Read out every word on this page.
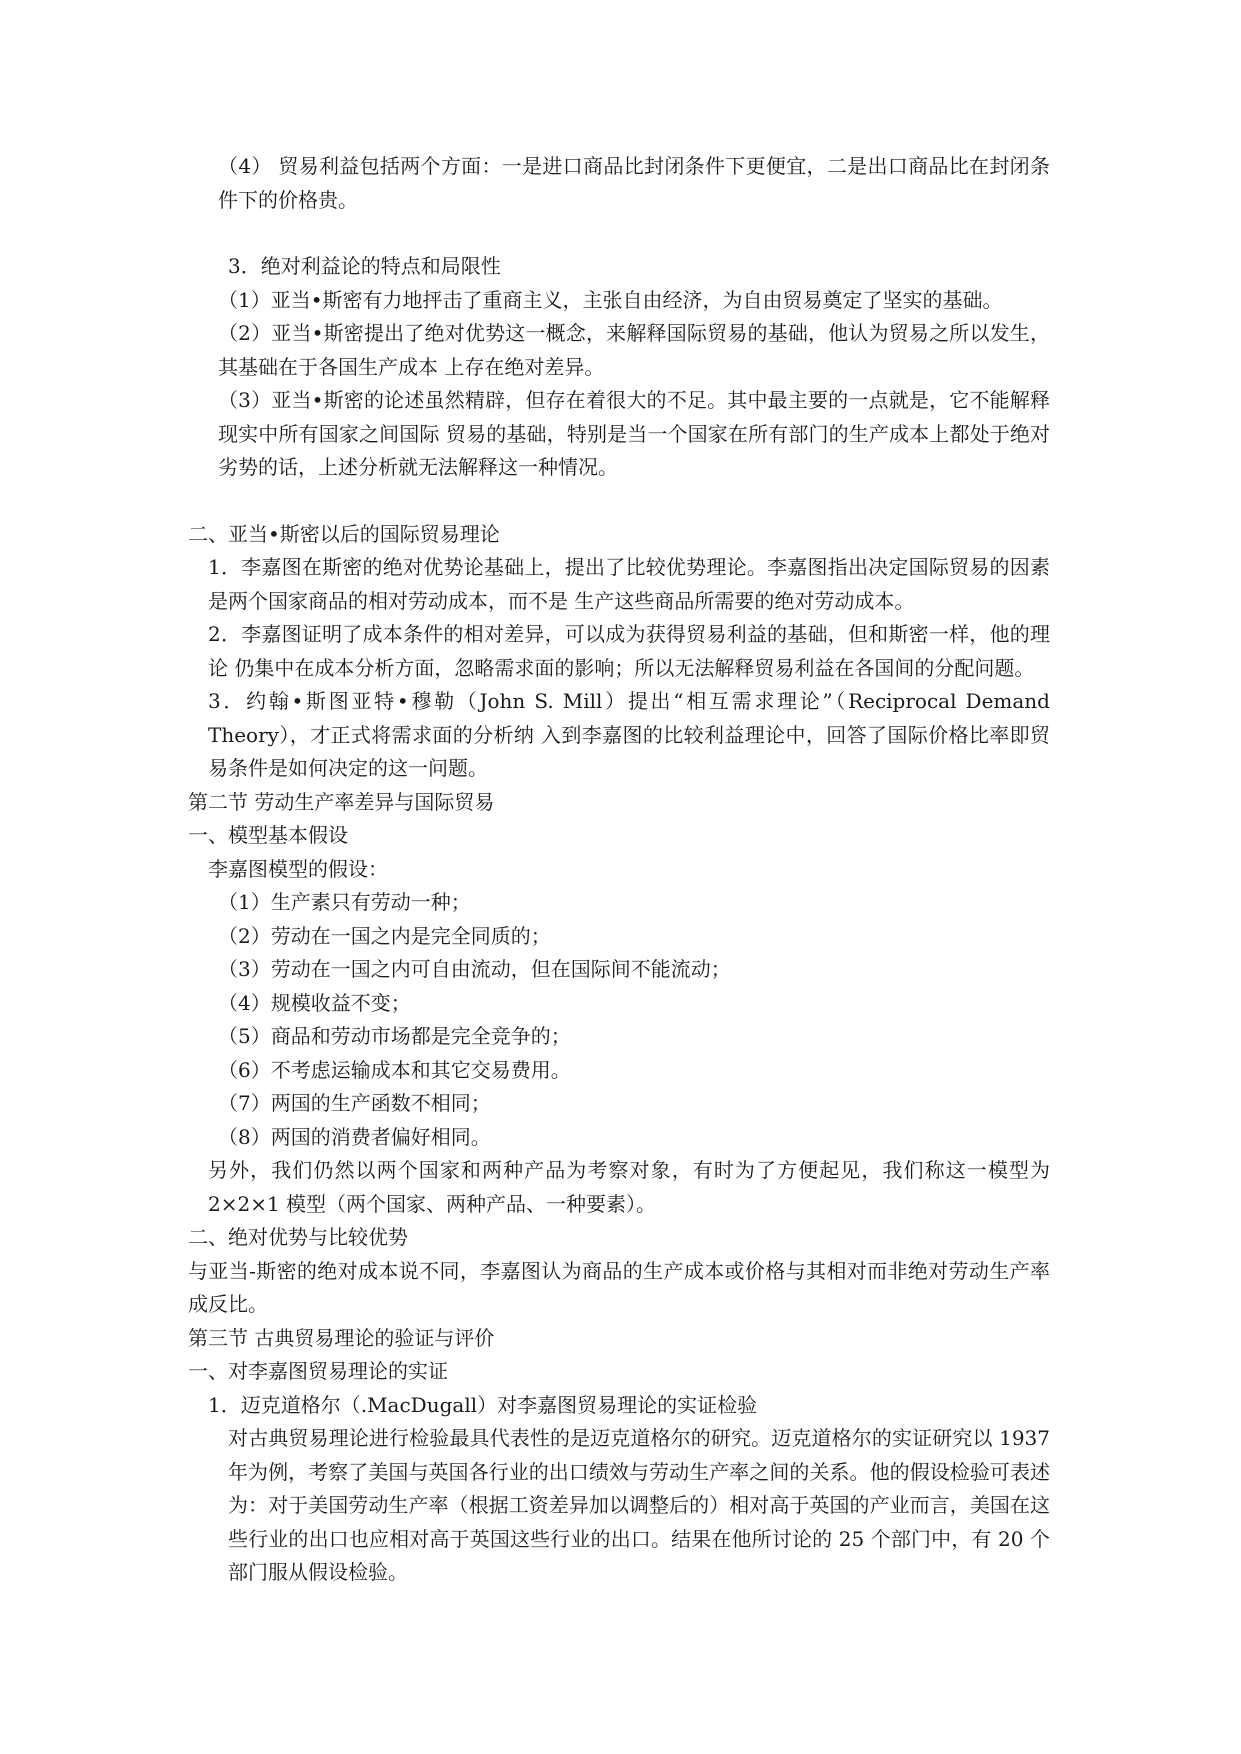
（4） 贸易利益包括两个方面：一是进口商品比封闭条件下更便宜，二是出口商品比在封闭条件下的价格贵。
3．绝对利益论的特点和局限性
（1）亚当•斯密有力地抨击了重商主义，主张自由经济，为自由贸易奠定了坚实的基础。
（2）亚当•斯密提出了绝对优势这一概念，来解释国际贸易的基础，他认为贸易之所以发生，其基础在于各国生产成本 上存在绝对差异。
（3）亚当•斯密的论述虽然精辟，但存在着很大的不足。其中最主要的一点就是，它不能解释现实中所有国家之间国际 贸易的基础，特别是当一个国家在所有部门的生产成本上都处于绝对劣势的话，上述分析就无法解释这一种情况。
二、亚当•斯密以后的国际贸易理论
1．李嘉图在斯密的绝对优势论基础上，提出了比较优势理论。李嘉图指出决定国际贸易的因素是两个国家商品的相对劳动成本，而不是 生产这些商品所需要的绝对劳动成本。
2．李嘉图证明了成本条件的相对差异，可以成为获得贸易利益的基础，但和斯密一样，他的理论 仍集中在成本分析方面，忽略需求面的影响；所以无法解释贸易利益在各国间的分配问题。
3．约翰•斯图亚特•穆勒（John S. Mill）提出“相互需求理论”（Reciprocal Demand Theory），才正式将需求面的分析纳 入到李嘉图的比较利益理论中，回答了国际价格比率即贸易条件是如何决定的这一问题。
第二节 劳动生产率差异与国际贸易
一、模型基本假设
李嘉图模型的假设：
（1）生产素只有劳动一种；
（2）劳动在一国之内是完全同质的；
（3）劳动在一国之内可自由流动，但在国际间不能流动；
（4）规模收益不变；
（5）商品和劳动市场都是完全竞争的；
（6）不考虑运输成本和其它交易费用。
（7）两国的生产函数不相同；
（8）两国的消费者偏好相同。
另外，我们仍然以两个国家和两种产品为考察对象，有时为了方便起见，我们称这一模型为 2×2×1 模型（两个国家、两种产品、一种要素）。
二、绝对优势与比较优势
与亚当-斯密的绝对成本说不同，李嘉图认为商品的生产成本或价格与其相对而非绝对劳动生产率成反比。
第三节 古典贸易理论的验证与评价
一、对李嘉图贸易理论的实证
1．迈克道格尔（.MacDugall）对李嘉图贸易理论的实证检验
对古典贸易理论进行检验最具代表性的是迈克道格尔的研究。迈克道格尔的实证研究以 1937 年为例，考察了美国与英国各行业的出口绩效与劳动生产率之间的关系。他的假设检验可表述为：对于美国劳动生产率（根据工资差异加以调整后的）相对高于英国的产业而言，美国在这些行业的出口也应相对高于英国这些行业的出口。结果在他所讨论的 25 个部门中，有 20 个部门服从假设检验。
